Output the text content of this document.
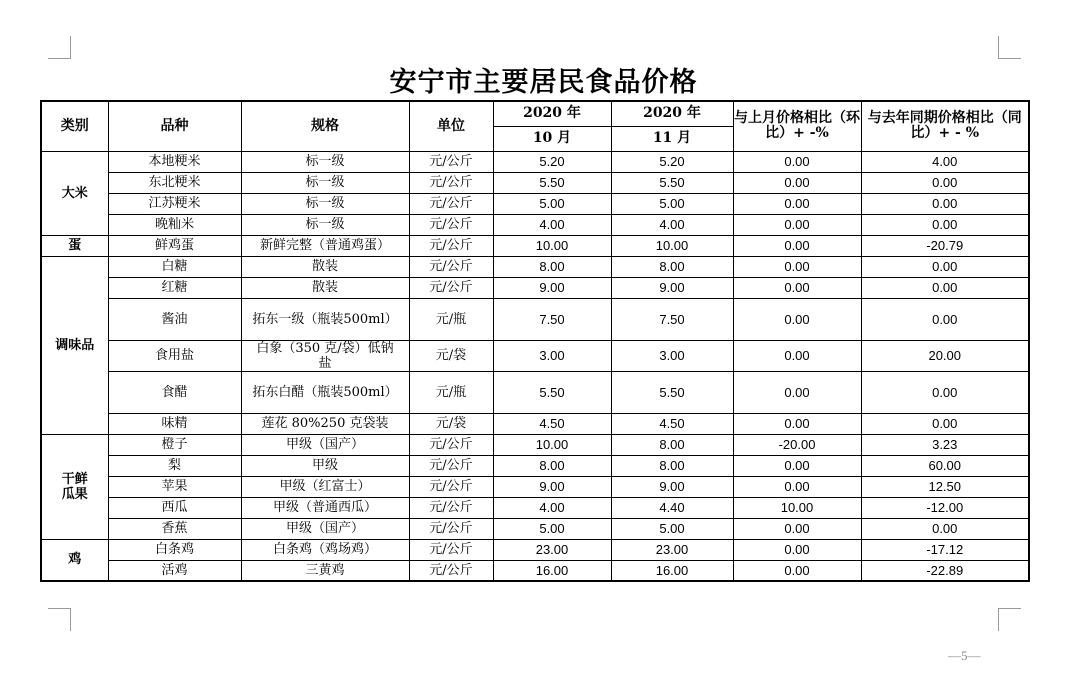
安宁市主要居民食品价格
类别	品种	规格	单位	2020 年	2020 年	与上月价格相比（环比）+ -%	与去年同期价格相比（同比）+ - %
				10 月	11 月		
大米	本地粳米	标一级	元/公斤	5.20	5.20	0.00	4.00
	东北粳米	标一级	元/公斤	5.50	5.50	0.00	0.00
	江苏粳米	标一级	元/公斤	5.00	5.00	0.00	0.00
	晚籼米	标一级	元/公斤	4.00	4.00	0.00	0.00
蛋	鲜鸡蛋	新鲜完整（普通鸡蛋）	元/公斤	10.00	10.00	0.00	-20.79
调味品	白糖	散装	元/公斤	8.00	8.00	0.00	0.00
	红糖	散装	元/公斤	9.00	9.00	0.00	0.00
	酱油	拓东一级（瓶装500ml）	元/瓶	7.50	7.50	0.00	0.00
	食用盐	白象（350 克/袋）低钠盐	元/袋	3.00	3.00	0.00	20.00
	食醋	拓东白醋（瓶装500ml）	元/瓶	5.50	5.50	0.00	0.00
	味精	莲花 80%250 克袋装	元/袋	4.50	4.50	0.00	0.00
干鲜瓜果	橙子	甲级（国产）	元/公斤	10.00	8.00	-20.00	3.23
	梨	甲级	元/公斤	8.00	8.00	0.00	60.00
	苹果	甲级（红富士）	元/公斤	9.00	9.00	0.00	12.50
	西瓜	甲级（普通西瓜）	元/公斤	4.00	4.40	10.00	-12.00
	香蕉	甲级（国产）	元/公斤	5.00	5.00	0.00	0.00
鸡	白条鸡	白条鸡（鸡场鸡）	元/公斤	23.00	23.00	0.00	-17.12
	活鸡	三黄鸡	元/公斤	16.00	16.00	0.00	-22.89
—5—
